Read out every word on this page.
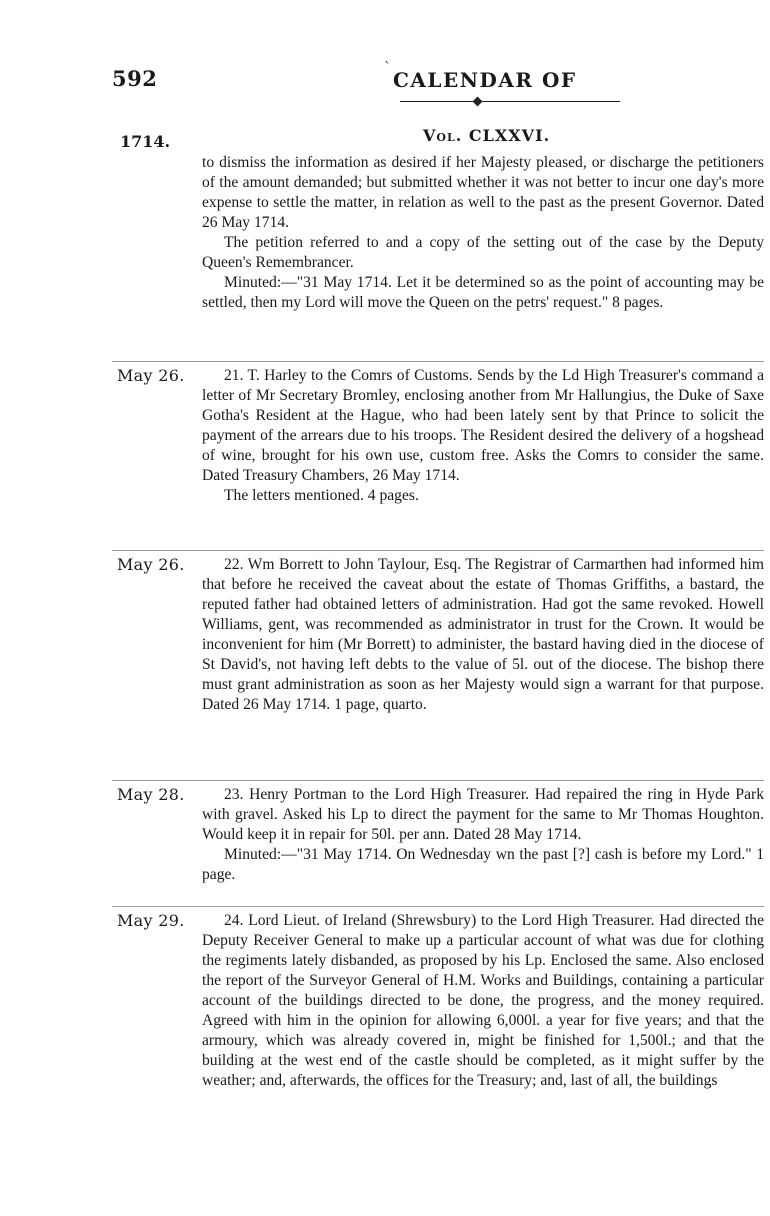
592	` CALENDAR OF
1714.	Vol. CLXXVI.

to dismiss the information as desired if her Majesty pleased, or discharge the petitioners of the amount demanded; but submitted whether it was not better to incur one day's more expense to settle the matter, in relation as well to the past as the present Governor. Dated 26 May 1714.

The petition referred to and a copy of the setting out of the case by the Deputy Queen's Remembrancer.

Minuted:—"31 May 1714. Let it be determined so as the point of accounting may be settled, then my Lord will move the Queen on the petrs' request." 8 pages.

May 26.	21. T. Harley to the Comrs of Customs. Sends by the Ld High Treasurer's command a letter of Mr Secretary Bromley, enclosing another from Mr Hallungius, the Duke of Saxe Gotha's Resident at the Hague, who had been lately sent by that Prince to solicit the payment of the arrears due to his troops. The Resident desired the delivery of a hogshead of wine, brought for his own use, custom free. Asks the Comrs to consider the same. Dated Treasury Chambers, 26 May 1714.

The letters mentioned. 4 pages.

May 26.	22. Wm Borrett to John Taylour, Esq. The Registrar of Carmarthen had informed him that before he received the caveat about the estate of Thomas Griffiths, a bastard, the reputed father had obtained letters of administration. Had got the same revoked. Howell Williams, gent, was recommended as administrator in trust for the Crown. It would be inconvenient for him (Mr Borrett) to administer, the bastard having died in the diocese of St David's, not having left debts to the value of 5l. out of the diocese. The bishop there must grant administration as soon as her Majesty would sign a warrant for that purpose. Dated 26 May 1714. 1 page, quarto.

May 28.	23. Henry Portman to the Lord High Treasurer. Had repaired the ring in Hyde Park with gravel. Asked his Lp to direct the payment for the same to Mr Thomas Houghton. Would keep it in repair for 50l. per ann. Dated 28 May 1714.

Minuted:—"31 May 1714. On Wednesday wn the past [?] cash is before my Lord." 1 page.

May 29.	24. Lord Lieut. of Ireland (Shrewsbury) to the Lord High Treasurer. Had directed the Deputy Receiver General to make up a particular account of what was due for clothing the regiments lately disbanded, as proposed by his Lp. Enclosed the same. Also enclosed the report of the Surveyor General of H.M. Works and Buildings, containing a particular account of the buildings directed to be done, the progress, and the money required. Agreed with him in the opinion for allowing 6,000l. a year for five years; and that the armoury, which was already covered in, might be finished for 1,500l.; and that the building at the west end of the castle should be completed, as it might suffer by the weather; and, afterwards, the offices for the Treasury; and, last of all, the buildings
